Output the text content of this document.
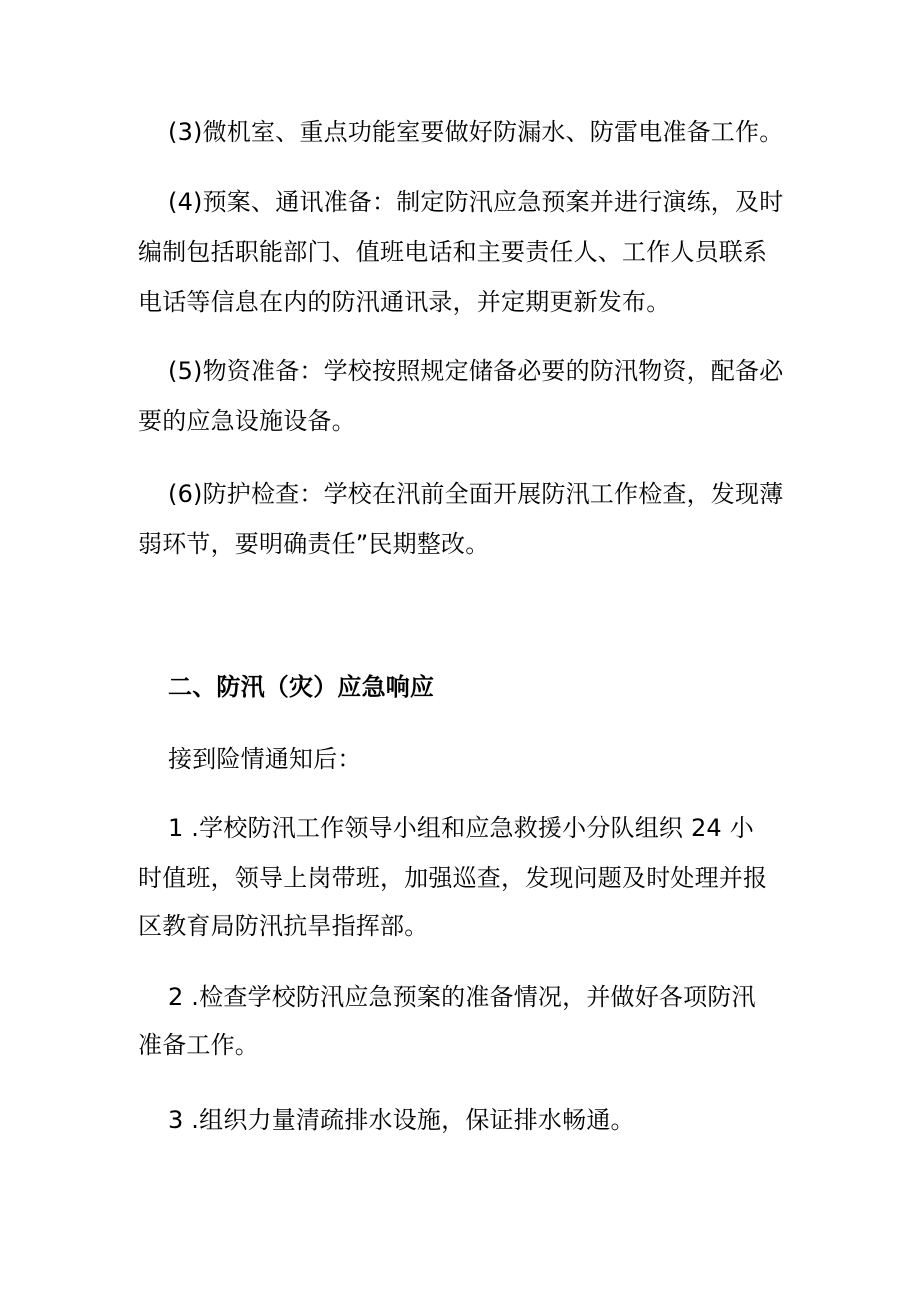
(3)微机室、重点功能室要做好防漏水、防雷电准备工作。
(4)预案、通讯准备：制定防汛应急预案并进行演练，及时
编制包括职能部门、值班电话和主要责任人、工作人员联系
电话等信息在内的防汛通讯录，并定期更新发布。
(5)物资准备：学校按照规定储备必要的防汛物资，配备必
要的应急设施设备。
(6)防护检查：学校在汛前全面开展防汛工作检查，发现薄
弱环节，要明确责任”民期整改。
二、防汛（灾）应急响应
接到险情通知后：
1 .学校防汛工作领导小组和应急救援小分队组织 24 小
时值班，领导上岗带班，加强巡查，发现问题及时处理并报
区教育局防汛抗旱指挥部。
2 .检查学校防汛应急预案的准备情况，并做好各项防汛
准备工作。
3 .组织力量清疏排水设施，保证排水畅通。
